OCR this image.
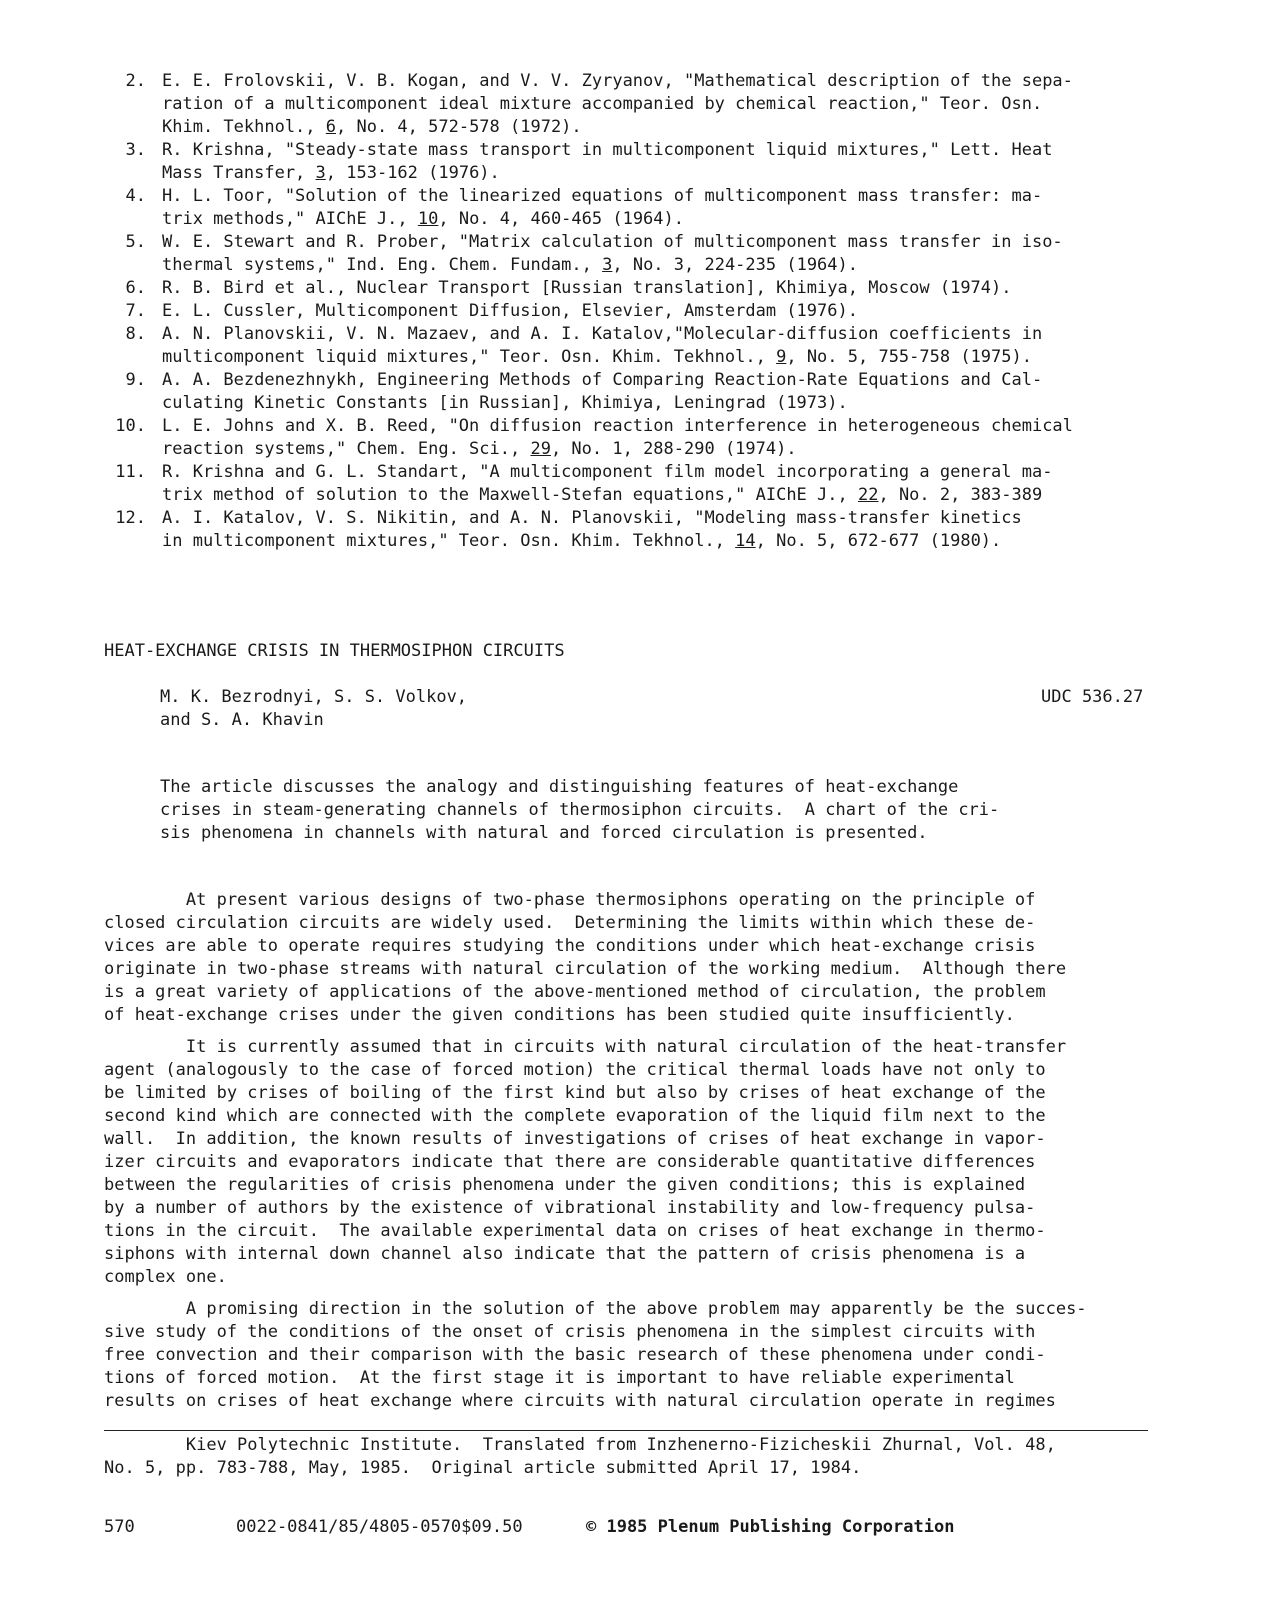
2. E. E. Frolovskii, V. B. Kogan, and V. V. Zyryanov, "Mathematical description of the sepa-
ration of a multicomponent ideal mixture accompanied by chemical reaction," Teor. Osn.
Khim. Tekhnol., 6, No. 4, 572-578 (1972).
3. R. Krishna, "Steady-state mass transport in multicomponent liquid mixtures," Lett. Heat
Mass Transfer, 3, 153-162 (1976).
4. H. L. Toor, "Solution of the linearized equations of multicomponent mass transfer: ma-
trix methods," AIChE J., 10, No. 4, 460-465 (1964).
5. W. E. Stewart and R. Prober, "Matrix calculation of multicomponent mass transfer in iso-
thermal systems," Ind. Eng. Chem. Fundam., 3, No. 3, 224-235 (1964).
6. R. B. Bird et al., Nuclear Transport [Russian translation], Khimiya, Moscow (1974).
7. E. L. Cussler, Multicomponent Diffusion, Elsevier, Amsterdam (1976).
8. A. N. Planovskii, V. N. Mazaev, and A. I. Katalov,"Molecular-diffusion coefficients in
multicomponent liquid mixtures," Teor. Osn. Khim. Tekhnol., 9, No. 5, 755-758 (1975).
9. A. A. Bezdenezhnykh, Engineering Methods of Comparing Reaction-Rate Equations and Cal-
culating Kinetic Constants [in Russian], Khimiya, Leningrad (1973).
10. L. E. Johns and X. B. Reed, "On diffusion reaction interference in heterogeneous chemical
reaction systems," Chem. Eng. Sci., 29, No. 1, 288-290 (1974).
11. R. Krishna and G. L. Standart, "A multicomponent film model incorporating a general ma-
trix method of solution to the Maxwell-Stefan equations," AIChE J., 22, No. 2, 383-389
12. A. I. Katalov, V. S. Nikitin, and A. N. Planovskii, "Modeling mass-transfer kinetics
in multicomponent mixtures," Teor. Osn. Khim. Tekhnol., 14, No. 5, 672-677 (1980).
HEAT-EXCHANGE CRISIS IN THERMOSIPHON CIRCUITS
M. K. Bezrodnyi, S. S. Volkov,
and S. A. Khavin
UDC 536.27
The article discusses the analogy and distinguishing features of heat-exchange
crises in steam-generating channels of thermosiphon circuits.  A chart of the cri-
sis phenomena in channels with natural and forced circulation is presented.
At present various designs of two-phase thermosiphons operating on the principle of
closed circulation circuits are widely used.  Determining the limits within which these de-
vices are able to operate requires studying the conditions under which heat-exchange crisis
originate in two-phase streams with natural circulation of the working medium.  Although there
is a great variety of applications of the above-mentioned method of circulation, the problem
of heat-exchange crises under the given conditions has been studied quite insufficiently.
It is currently assumed that in circuits with natural circulation of the heat-transfer
agent (analogously to the case of forced motion) the critical thermal loads have not only to
be limited by crises of boiling of the first kind but also by crises of heat exchange of the
second kind which are connected with the complete evaporation of the liquid film next to the
wall.  In addition, the known results of investigations of crises of heat exchange in vapor-
izer circuits and evaporators indicate that there are considerable quantitative differences
between the regularities of crisis phenomena under the given conditions; this is explained
by a number of authors by the existence of vibrational instability and low-frequency pulsa-
tions in the circuit.  The available experimental data on crises of heat exchange in thermo-
siphons with internal down channel also indicate that the pattern of crisis phenomena is a
complex one.
A promising direction in the solution of the above problem may apparently be the succes-
sive study of the conditions of the onset of crisis phenomena in the simplest circuits with
free convection and their comparison with the basic research of these phenomena under condi-
tions of forced motion.  At the first stage it is important to have reliable experimental
results on crises of heat exchange where circuits with natural circulation operate in regimes
Kiev Polytechnic Institute.  Translated from Inzhenerno-Fizicheskii Zhurnal, Vol. 48,
No. 5, pp. 783-788, May, 1985.  Original article submitted April 17, 1984.
570	0022-0841/85/4805-0570$09.50	© 1985 Plenum Publishing Corporation
